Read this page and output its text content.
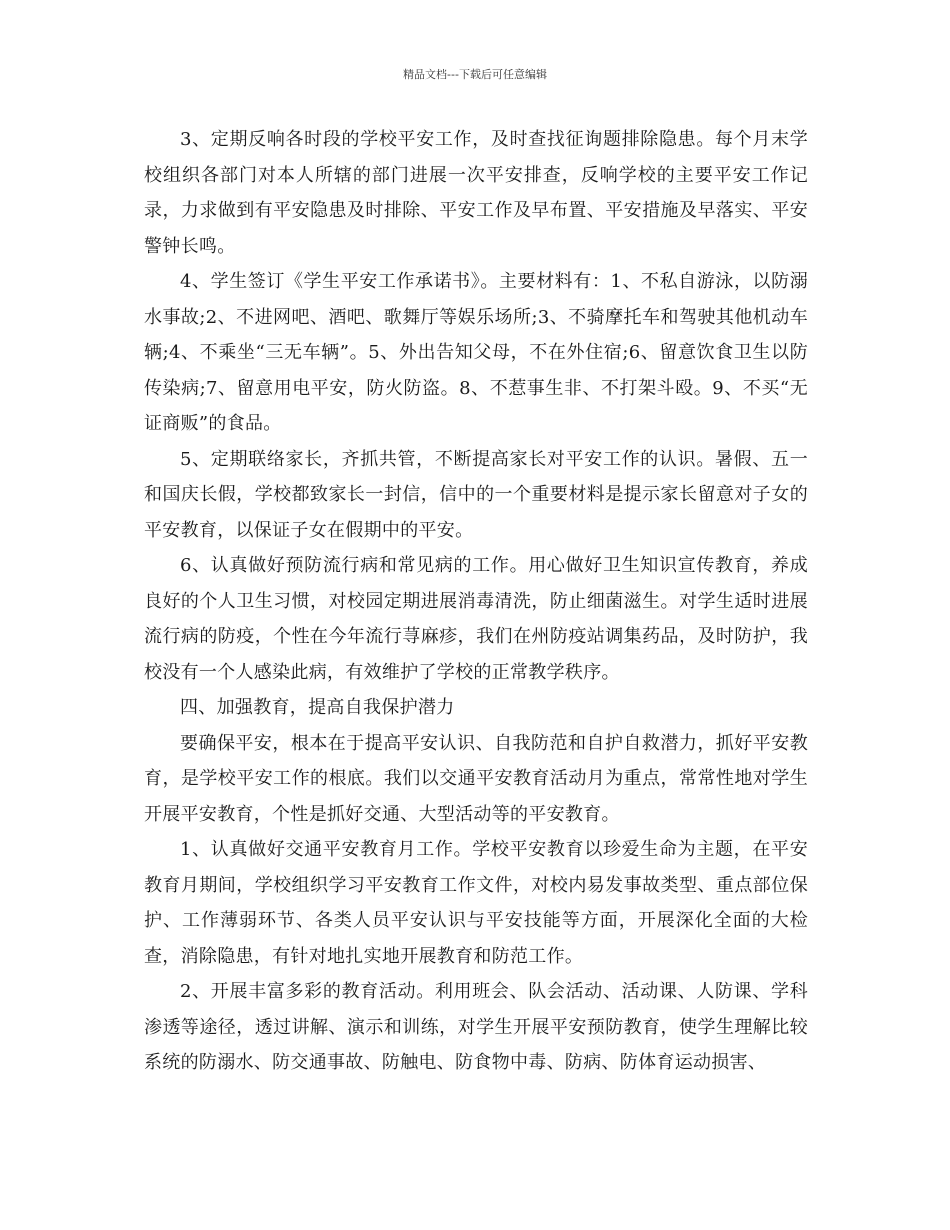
精品文档---下载后可任意编辑

3、定期反响各时段的学校平安工作，及时查找征询题排除隐患。每个月末学校组织各部门对本人所辖的部门进展一次平安排查，反响学校的主要平安工作记录，力求做到有平安隐患及时排除、平安工作及早布置、平安措施及早落实、平安警钟长鸣。

4、学生签订《学生平安工作承诺书》。主要材料有：1、不私自游泳，以防溺水事故;2、不进网吧、酒吧、歌舞厅等娱乐场所;3、不骑摩托车和驾驶其他机动车辆;4、不乘坐“三无车辆”。5、外出告知父母，不在外住宿;6、留意饮食卫生以防传染病;7、留意用电平安，防火防盗。8、不惹事生非、不打架斗殴。9、不买“无证商贩”的食品。

5、定期联络家长，齐抓共管，不断提高家长对平安工作的认识。暑假、五一和国庆长假，学校都致家长一封信，信中的一个重要材料是提示家长留意对子女的平安教育，以保证子女在假期中的平安。

6、认真做好预防流行病和常见病的工作。用心做好卫生知识宣传教育，养成良好的个人卫生习惯，对校园定期进展消毒清洗，防止细菌滋生。对学生适时进展流行病的防疫，个性在今年流行荨麻疹，我们在州防疫站调集药品，及时防护，我校没有一个人感染此病，有效维护了学校的正常教学秩序。

四、加强教育，提高自我保护潜力

要确保平安，根本在于提高平安认识、自我防范和自护自救潜力，抓好平安教育，是学校平安工作的根底。我们以交通平安教育活动月为重点，常常性地对学生开展平安教育，个性是抓好交通、大型活动等的平安教育。

1、认真做好交通平安教育月工作。学校平安教育以珍爱生命为主题，在平安教育月期间，学校组织学习平安教育工作文件，对校内易发事故类型、重点部位保护、工作薄弱环节、各类人员平安认识与平安技能等方面，开展深化全面的大检查，消除隐患，有针对地扎实地开展教育和防范工作。

2、开展丰富多彩的教育活动。利用班会、队会活动、活动课、人防课、学科渗透等途径，透过讲解、演示和训练，对学生开展平安预防教育，使学生理解比较系统的防溺水、防交通事故、防触电、防食物中毒、防病、防体育运动损害、
